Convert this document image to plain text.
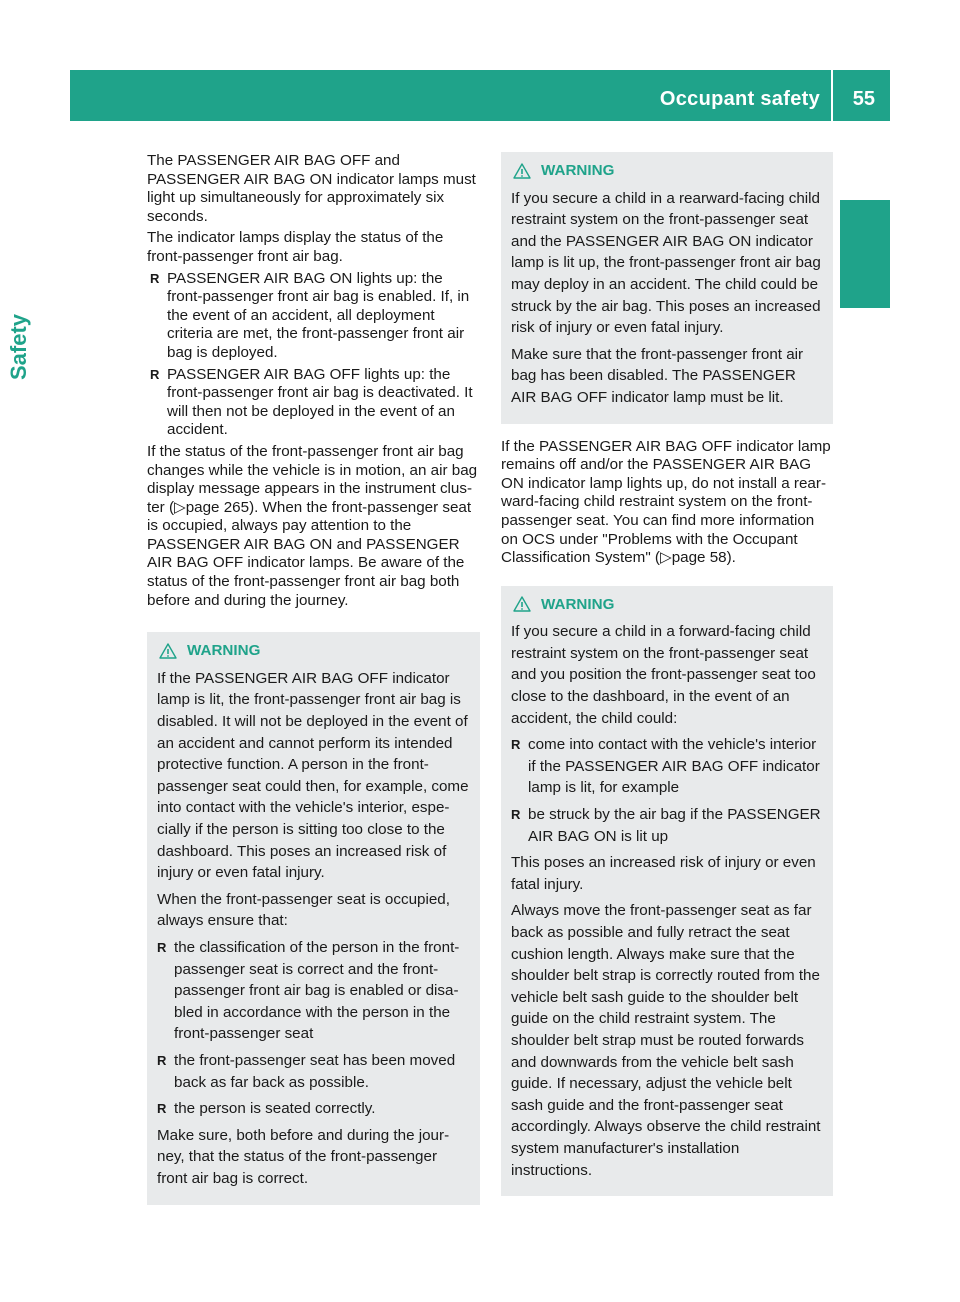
Occupant safety 55
Safety

The PASSENGER AIR BAG OFF and PASSENGER AIR BAG ON indicator lamps must light up simultaneously for approximately six seconds.

The indicator lamps display the status of the front-passenger front air bag.

R PASSENGER AIR BAG ON lights up: the front-passenger front air bag is enabled. If, in the event of an accident, all deployment criteria are met, the front-passenger front air bag is deployed.
R PASSENGER AIR BAG OFF lights up: the front-passenger front air bag is deactivated. It will then not be deployed in the event of an accident.

If the status of the front-passenger front air bag changes while the vehicle is in motion, an air bag display message appears in the instrument cluster (▷page 265). When the front-passenger seat is occupied, always pay attention to the PASSENGER AIR BAG ON and PASSENGER AIR BAG OFF indicator lamps. Be aware of the status of the front-passenger front air bag both before and during the journey.

WARNING

If the PASSENGER AIR BAG OFF indicator lamp is lit, the front-passenger front air bag is disabled. It will not be deployed in the event of an accident and cannot perform its intended protective function. A person in the front-passenger seat could then, for example, come into contact with the vehicle's interior, especially if the person is sitting too close to the dashboard. This poses an increased risk of injury or even fatal injury.

When the front-passenger seat is occupied, always ensure that:

R the classification of the person in the front-passenger seat is correct and the front-passenger front air bag is enabled or disabled in accordance with the person in the front-passenger seat
R the front-passenger seat has been moved back as far back as possible.
R the person is seated correctly.

Make sure, both before and during the journey, that the status of the front-passenger front air bag is correct.

WARNING

If you secure a child in a rearward-facing child restraint system on the front-passenger seat and the PASSENGER AIR BAG ON indicator lamp is lit up, the front-passenger front air bag may deploy in an accident. The child could be struck by the air bag. This poses an increased risk of injury or even fatal injury.

Make sure that the front-passenger front air bag has been disabled. The PASSENGER AIR BAG OFF indicator lamp must be lit.

If the PASSENGER AIR BAG OFF indicator lamp remains off and/or the PASSENGER AIR BAG ON indicator lamp lights up, do not install a rear-ward-facing child restraint system on the front-passenger seat. You can find more information on OCS under "Problems with the Occupant Classification System" (▷page 58).

WARNING

If you secure a child in a forward-facing child restraint system on the front-passenger seat and you position the front-passenger seat too close to the dashboard, in the event of an accident, the child could:

R come into contact with the vehicle's interior if the PASSENGER AIR BAG OFF indicator lamp is lit, for example
R be struck by the air bag if the PASSENGER AIR BAG ON is lit up

This poses an increased risk of injury or even fatal injury.

Always move the front-passenger seat as far back as possible and fully retract the seat cushion length. Always make sure that the shoulder belt strap is correctly routed from the vehicle belt sash guide to the shoulder belt guide on the child restraint system. The shoulder belt strap must be routed forwards and downwards from the vehicle belt sash guide. If necessary, adjust the vehicle belt sash guide and the front-passenger seat accordingly. Always observe the child restraint system manufacturer's installation instructions.
